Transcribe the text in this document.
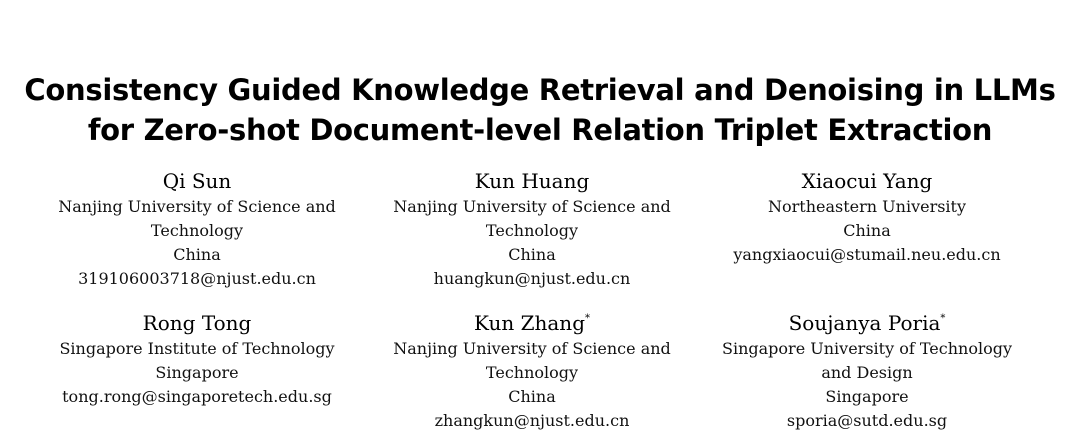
Consistency Guided Knowledge Retrieval and Denoising in LLMs
for Zero-shot Document-level Relation Triplet Extraction
Qi Sun
Nanjing University of Science and
Technology
China
319106003718@njust.edu.cn
Kun Huang
Nanjing University of Science and
Technology
China
huangkun@njust.edu.cn
Xiaocui Yang
Northeastern University
China
yangxiaocui@stumail.neu.edu.cn
Rong Tong
Singapore Institute of Technology
Singapore
tong.rong@singaporetech.edu.sg
Kun Zhang*
Nanjing University of Science and
Technology
China
zhangkun@njust.edu.cn
Soujanya Poria*
Singapore University of Technology
and Design
Singapore
sporia@sutd.edu.sg
